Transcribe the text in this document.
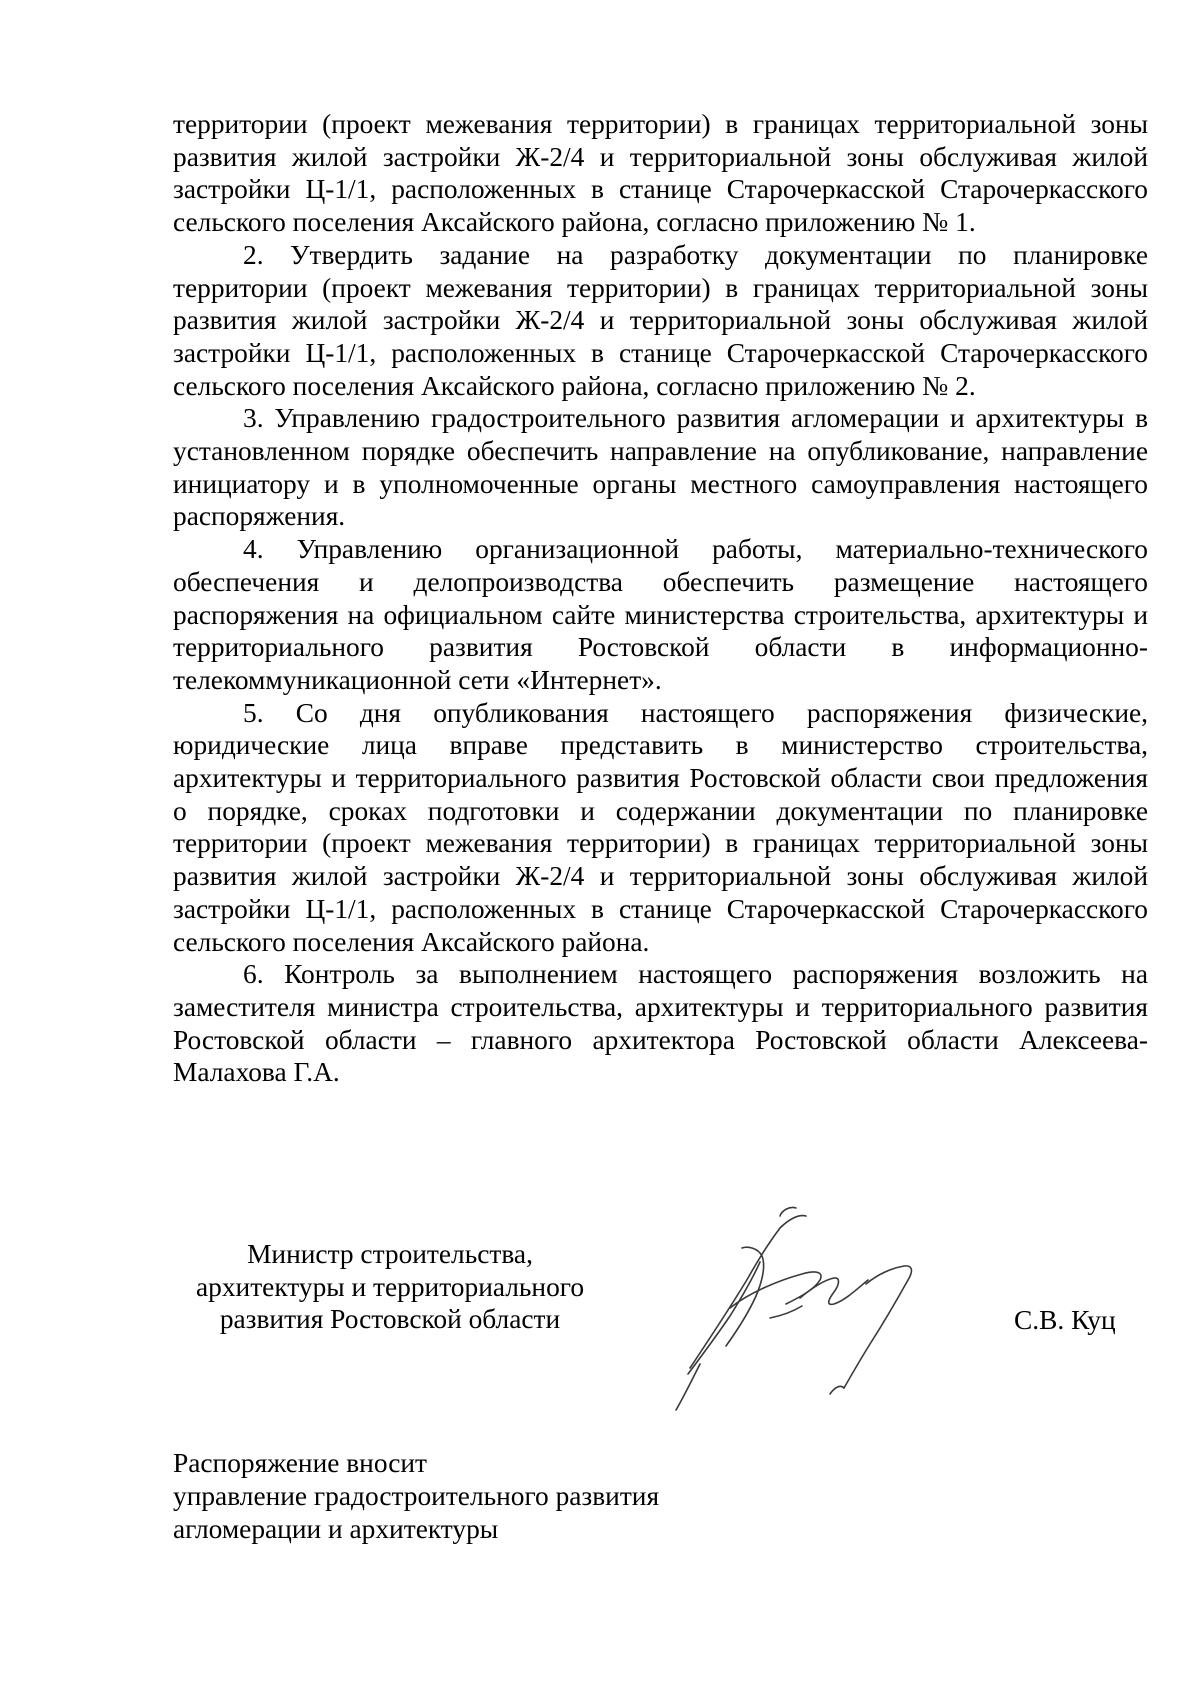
территории (проект межевания территории) в границах территориальной зоны развития жилой застройки Ж-2/4 и территориальной зоны обслуживая жилой застройки Ц-1/1, расположенных в станице Старочеркасской Старочеркасского сельского поселения Аксайского района, согласно приложению № 1.

2. Утвердить задание на разработку документации по планировке территории (проект межевания территории) в границах территориальной зоны развития жилой застройки Ж-2/4 и территориальной зоны обслуживая жилой застройки Ц-1/1, расположенных в станице Старочеркасской Старочеркасского сельского поселения Аксайского района, согласно приложению № 2.

3. Управлению градостроительного развития агломерации и архитектуры в установленном порядке обеспечить направление на опубликование, направление инициатору и в уполномоченные органы местного самоуправления настоящего распоряжения.

4. Управлению организационной работы, материально-технического обеспечения и делопроизводства обеспечить размещение настоящего распоряжения на официальном сайте министерства строительства, архитектуры и территориального развития Ростовской области в информационно-телекоммуникационной сети «Интернет».

5. Со дня опубликования настоящего распоряжения физические, юридические лица вправе представить в министерство строительства, архитектуры и территориального развития Ростовской области свои предложения о порядке, сроках подготовки и содержании документации по планировке территории (проект межевания территории) в границах территориальной зоны развития жилой застройки Ж-2/4 и территориальной зоны обслуживая жилой застройки Ц-1/1, расположенных в станице Старочеркасской Старочеркасского сельского поселения Аксайского района.

6. Контроль за выполнением настоящего распоряжения возложить на заместителя министра строительства, архитектуры и территориального развития Ростовской области – главного архитектора Ростовской области Алексеева-Малахова Г.А.

Министр строительства,
архитектуры и территориального
развития Ростовской области	С.В. Куц
Распоряжение вносит
управление градостроительного развития
агломерации и архитектуры
